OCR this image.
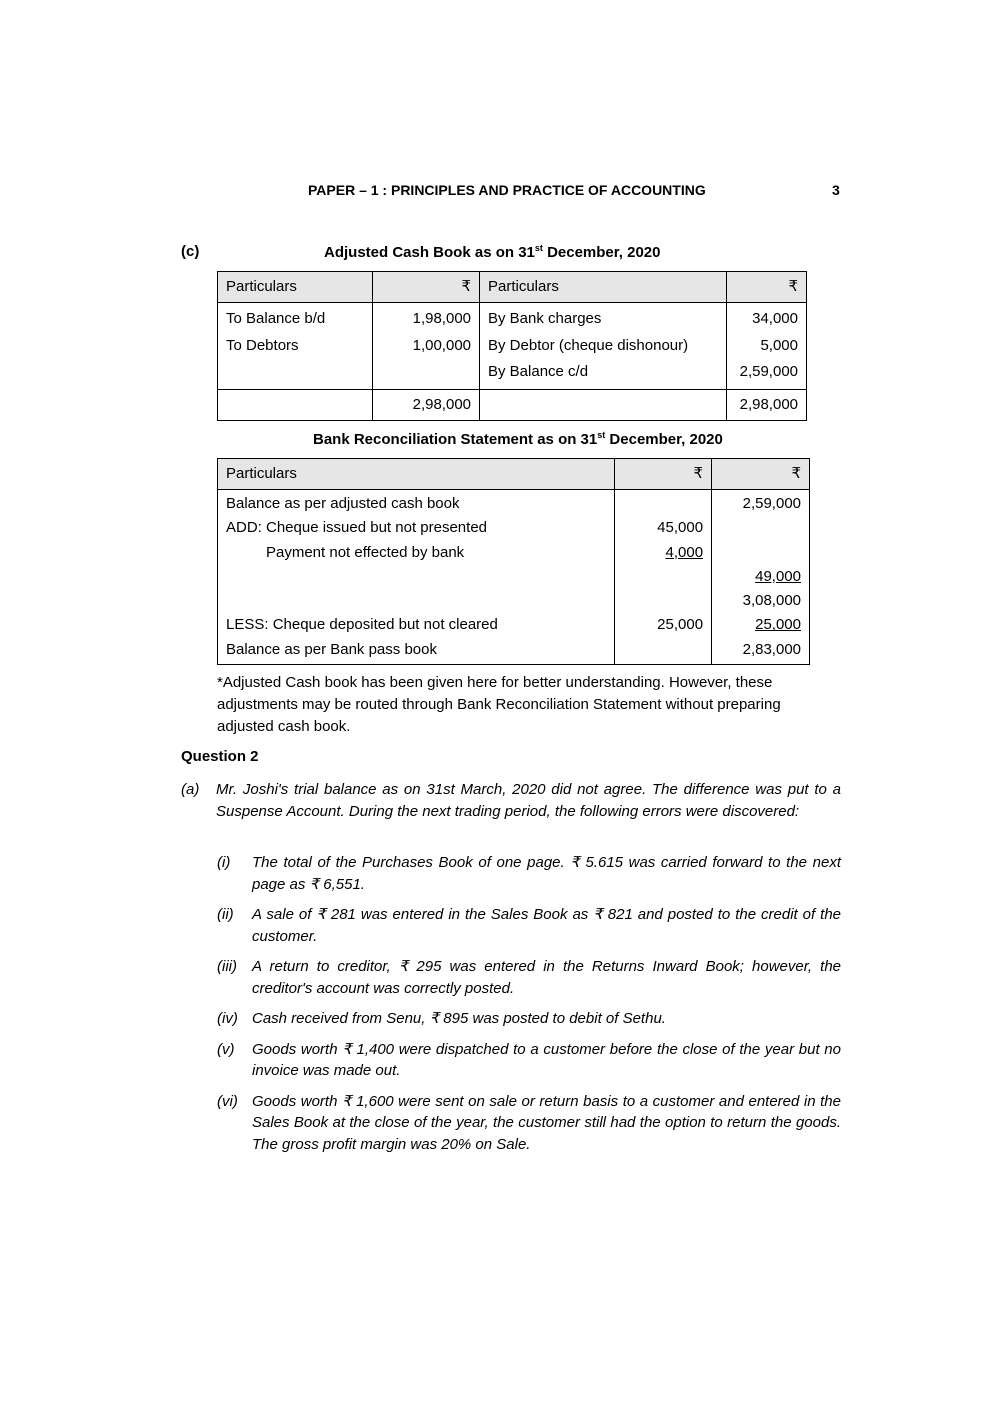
PAPER – 1 : PRINCIPLES AND PRACTICE OF ACCOUNTING	3
(c)	Adjusted Cash Book as on 31st December, 2020
Particulars	₹	Particulars	₹
To Balance b/d	1,98,000	By Bank charges	34,000
To Debtors	1,00,000	By Debtor (cheque dishonour)	5,000
		By Balance c/d	2,59,000
	2,98,000		2,98,000
Bank Reconciliation Statement as on 31st December, 2020
Particulars	₹	₹
Balance as per adjusted cash book		2,59,000
ADD: Cheque issued but not presented	45,000	
Payment not effected by bank	4,000	
		49,000
		3,08,000
LESS: Cheque deposited but not cleared	25,000	25,000
Balance as per Bank pass book		2,83,000
*Adjusted Cash book has been given here for better understanding. However, these adjustments may be routed through Bank Reconciliation Statement without preparing adjusted cash book.
Question 2
(a) Mr. Joshi's trial balance as on 31st March, 2020 did not agree. The difference was put to a Suspense Account. During the next trading period, the following errors were discovered:
(i) The total of the Purchases Book of one page. ₹ 5.615 was carried forward to the next page as ₹ 6,551.
(ii) A sale of ₹ 281 was entered in the Sales Book as ₹ 821 and posted to the credit of the customer.
(iii) A return to creditor, ₹ 295 was entered in the Returns Inward Book; however, the creditor's account was correctly posted.
(iv) Cash received from Senu, ₹ 895 was posted to debit of Sethu.
(v) Goods worth ₹ 1,400 were dispatched to a customer before the close of the year but no invoice was made out.
(vi) Goods worth ₹ 1,600 were sent on sale or return basis to a customer and entered in the Sales Book at the close of the year, the customer still had the option to return the goods. The gross profit margin was 20% on Sale.
